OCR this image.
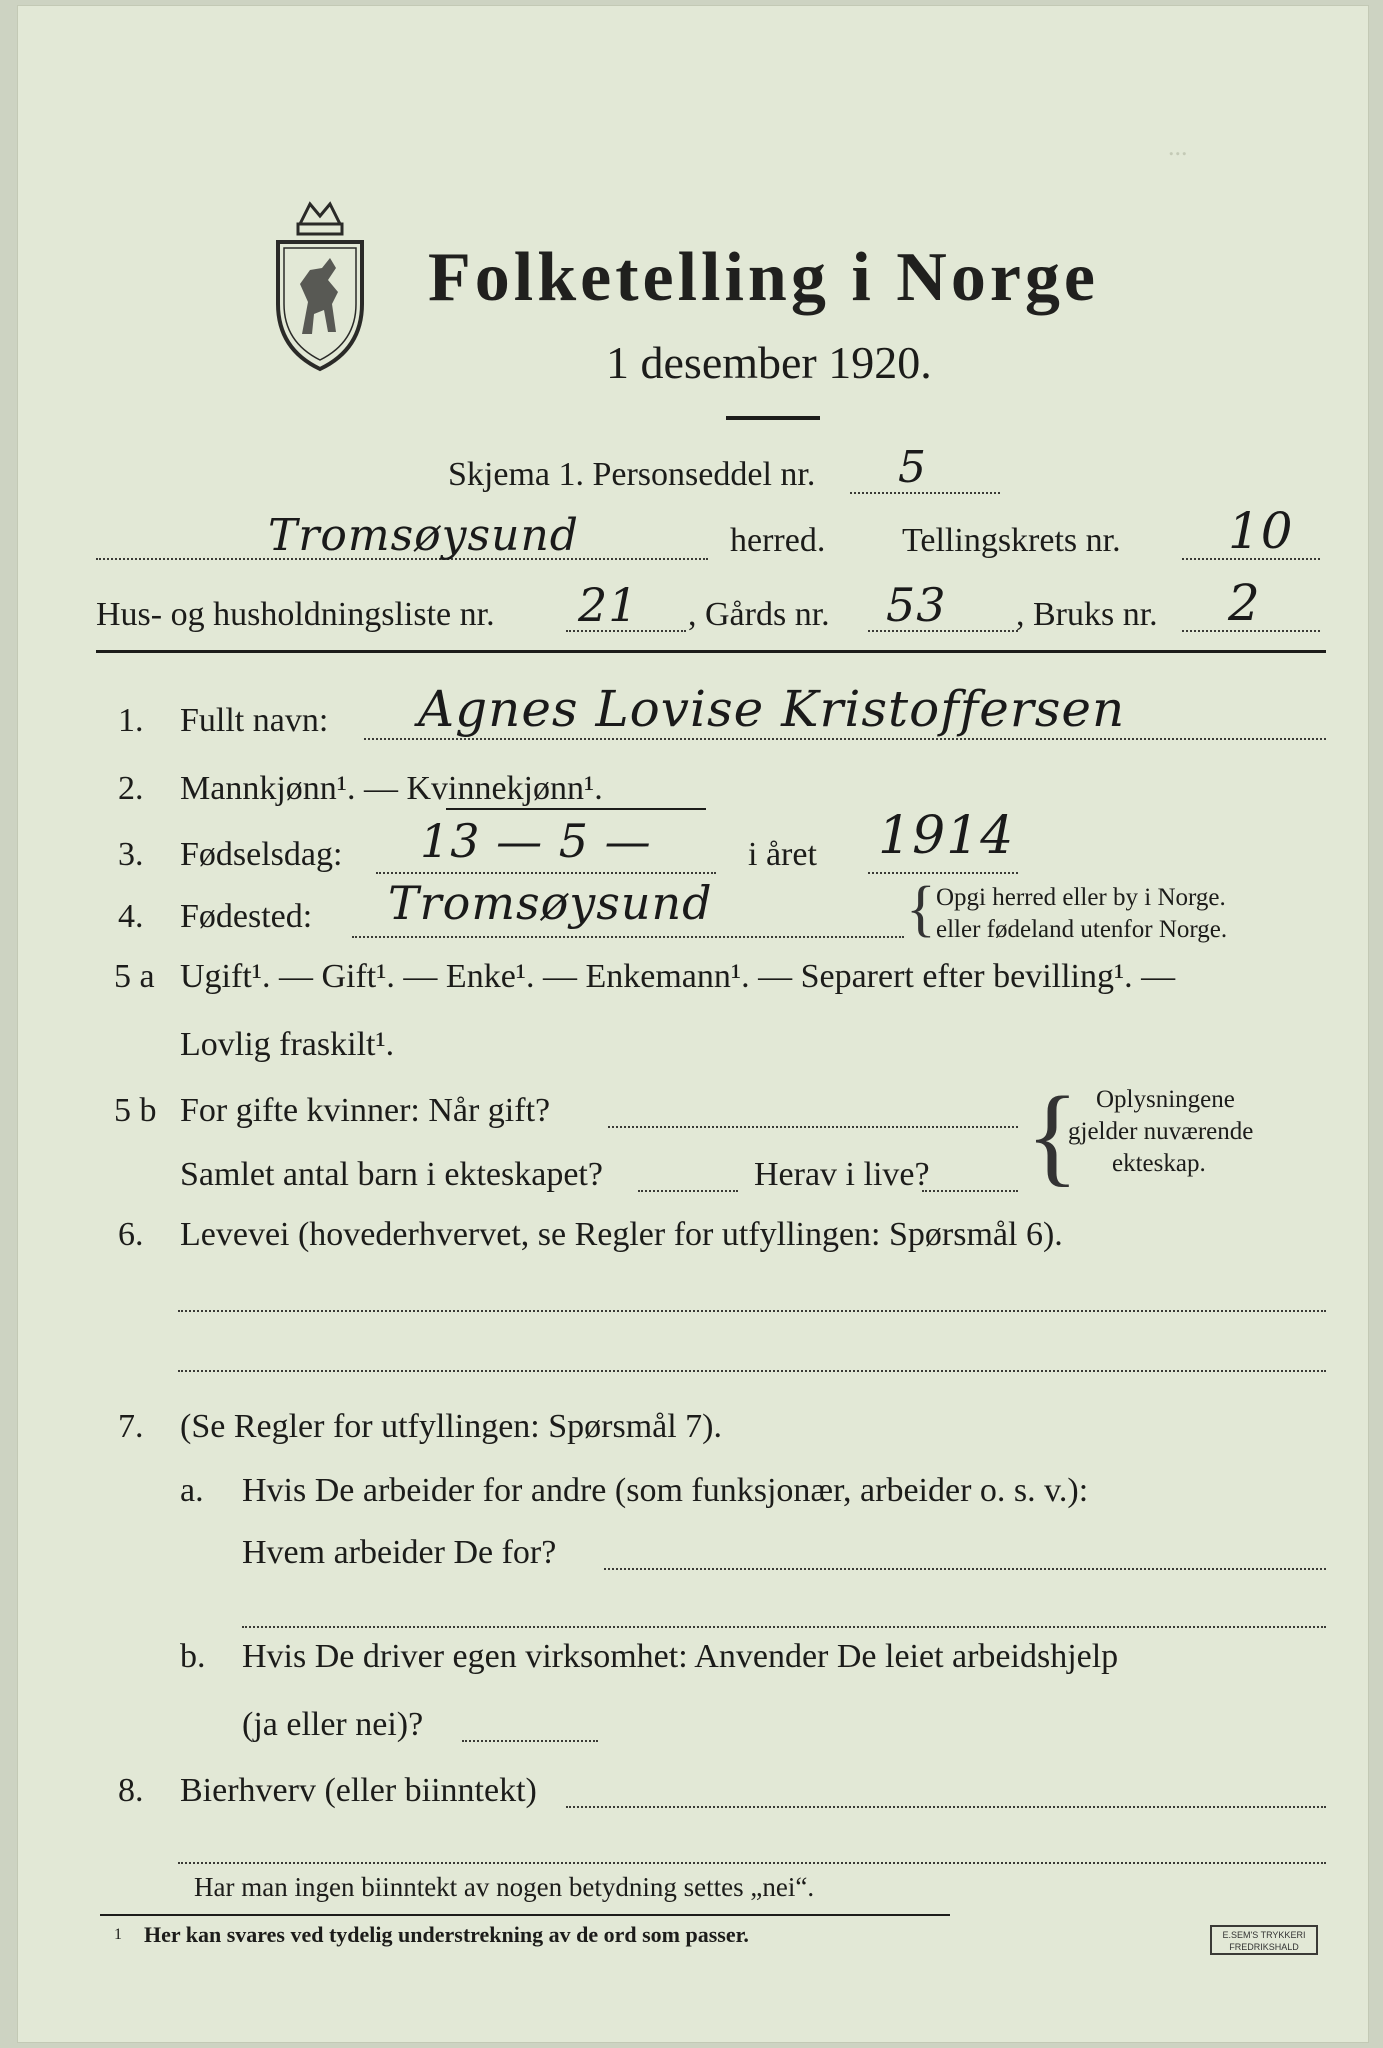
...
Folketelling i Norge
1 desember 1920.
Skjema 1. Personseddel nr. 5
Tromsøysund	herred. Tellingskrets nr. 10
Hus- og husholdningsliste nr. 21 , Gårds nr. 53 , Bruks nr. 2
1. Fullt navn: Agnes Lovise Kristoffersen
2. Mannkjønn¹. — Kvinnekjønn¹.
3. Fødselsdag: 13 — 5 —	i året 1914
4. Fødested: Tromsøysund	{ Opgi herred eller by i Norge.
eller fødeland utenfor Norge.
5 a Ugift¹. — Gift¹. — Enke¹. — Enkemann¹. — Separert efter bevilling¹. —
Lovlig fraskilt¹.
5 b For gifte kvinner: Når gift?
Samlet antal barn i ekteskapet?	Herav i live? { Oplysningene
gjelder nuværende
ekteskap.
6. Levevei (hovederhvervet, se Regler for utfyllingen: Spørsmål 6).
7. (Se Regler for utfyllingen: Spørsmål 7).
a. Hvis De arbeider for andre (som funksjonær, arbeider o. s. v.):
Hvem arbeider De for?
b. Hvis De driver egen virksomhet: Anvender De leiet arbeidshjelp
(ja eller nei)?
8. Bierhverv (eller biinntekt)
Har man ingen biinntekt av nogen betydning settes „nei“.
1 Her kan svares ved tydelig understrekning av de ord som passer.	E.SEM'S TRYKKERI FREDRIKSHALD
